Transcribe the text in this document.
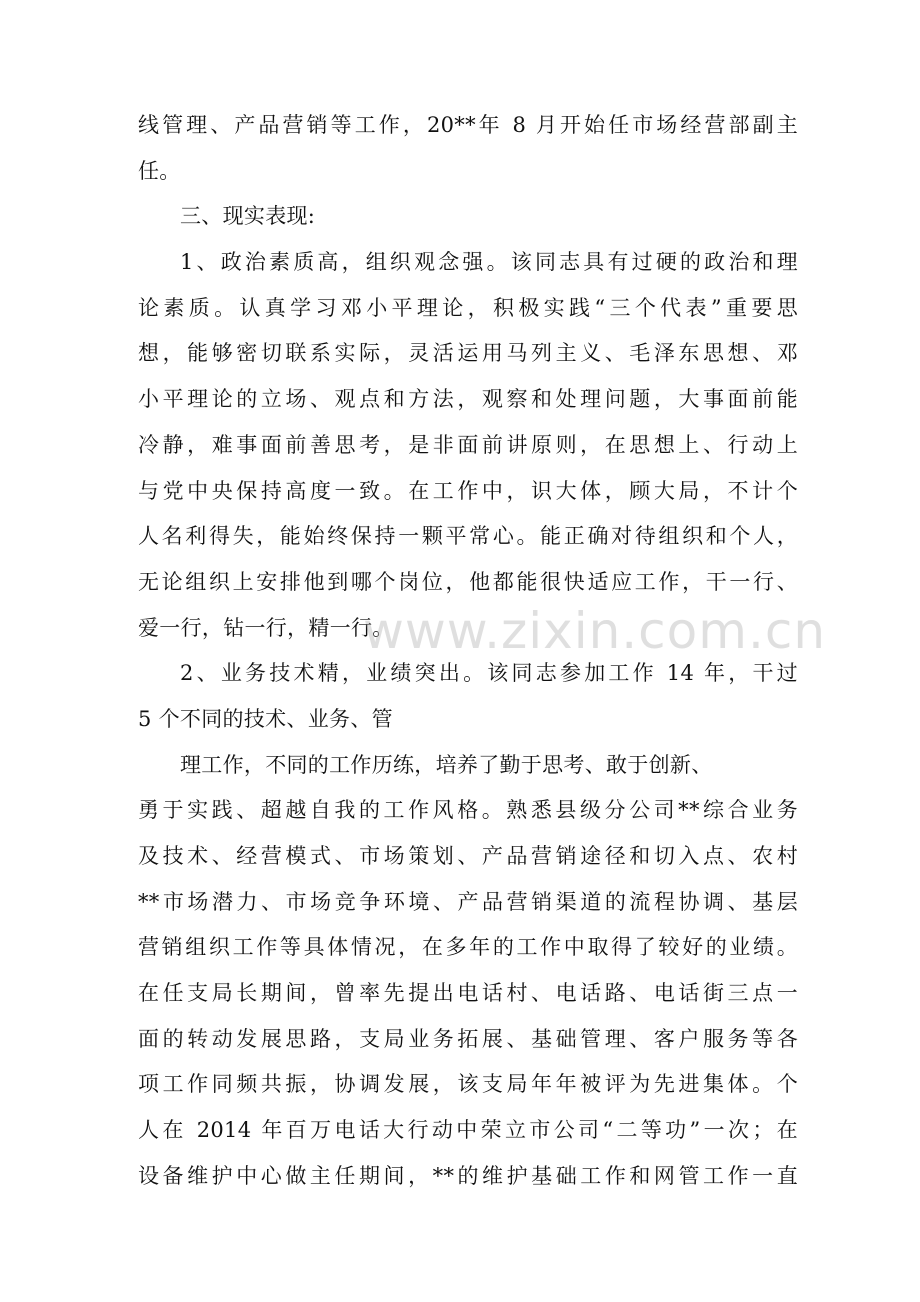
线管理、产品营销等工作，20**年 8 月开始任市场经营部副主
任。
三、现实表现:
1、政治素质高，组织观念强。该同志具有过硬的政治和理
论素质。认真学习邓小平理论，积极实践“三个代表”重要思
想，能够密切联系实际，灵活运用马列主义、毛泽东思想、邓
小平理论的立场、观点和方法，观察和处理问题，大事面前能
冷静，难事面前善思考，是非面前讲原则，在思想上、行动上
与党中央保持高度一致。在工作中，识大体，顾大局，不计个
人名利得失，能始终保持一颗平常心。能正确对待组织和个人，
无论组织上安排他到哪个岗位，他都能很快适应工作，干一行、
爱一行，钻一行，精一行。
2、业务技术精，业绩突出。该同志参加工作 14 年，干过
5 个不同的技术、业务、管
理工作，不同的工作历练，培养了勤于思考、敢于创新、
勇于实践、超越自我的工作风格。熟悉县级分公司**综合业务
及技术、经营模式、市场策划、产品营销途径和切入点、农村
**市场潜力、市场竞争环境、产品营销渠道的流程协调、基层
营销组织工作等具体情况，在多年的工作中取得了较好的业绩。
在任支局长期间，曾率先提出电话村、电话路、电话街三点一
面的转动发展思路，支局业务拓展、基础管理、客户服务等各
项工作同频共振，协调发展，该支局年年被评为先进集体。个
人在 2014 年百万电话大行动中荣立市公司“二等功”一次；在
设备维护中心做主任期间，**的维护基础工作和网管工作一直
www.zixin.com.cn
